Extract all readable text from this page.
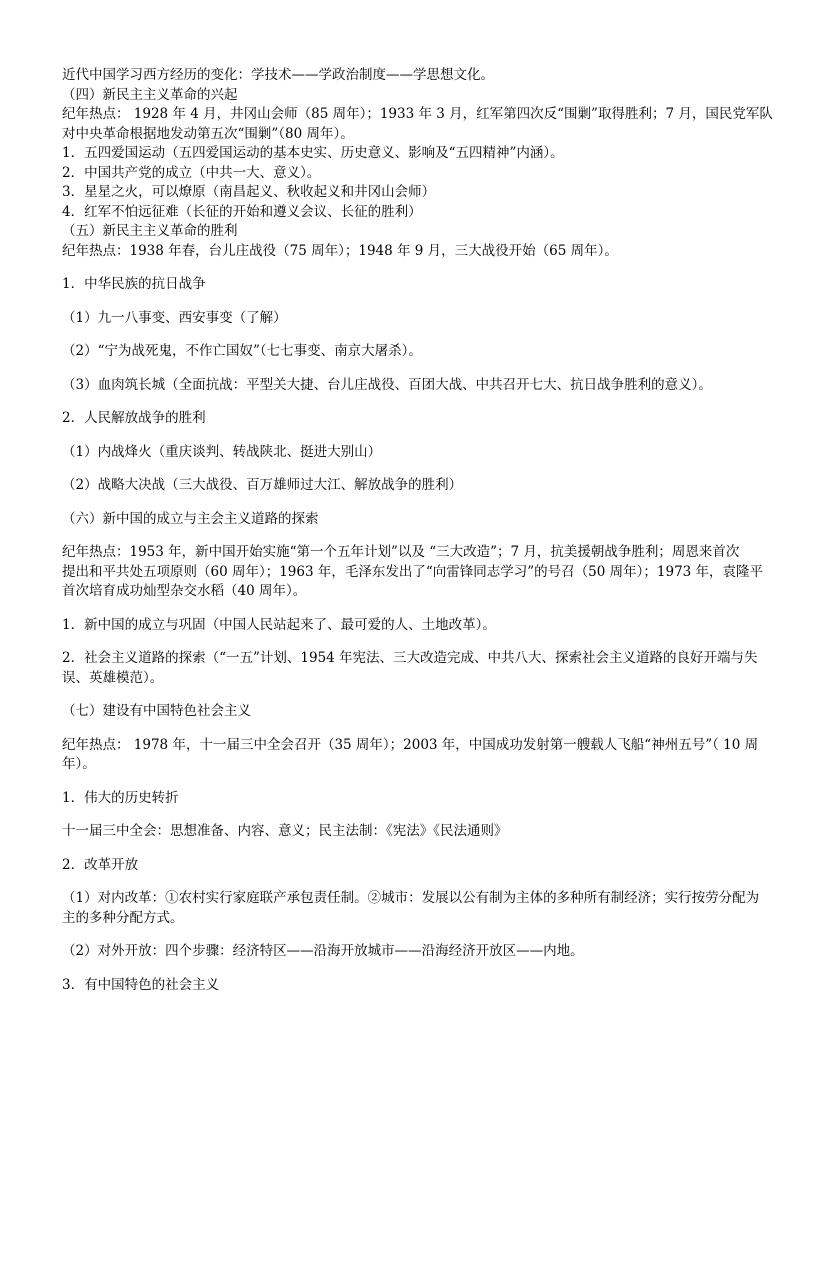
近代中国学习西方经历的变化：学技术——学政治制度——学思想文化。
（四）新民主主义革命的兴起
纪年热点： 1928 年 4 月，井冈山会师（85 周年）；1933 年 3 月，红军第四次反“围剿”取得胜利；7 月，国民党军队
对中央革命根据地发动第五次“围剿”（80 周年）。
1．五四爱国运动（五四爱国运动的基本史实、历史意义、影响及“五四精神”内涵）。
2．中国共产党的成立（中共一大、意义）。
3．星星之火，可以燎原（南昌起义、秋收起义和井冈山会师）
4．红军不怕远征难（长征的开始和遵义会议、长征的胜利）
（五）新民主主义革命的胜利
纪年热点：1938 年春，台儿庄战役（75 周年）；1948 年 9 月，三大战役开始（65 周年）。
1．中华民族的抗日战争
（1）九一八事变、西安事变（了解）
（2）“宁为战死鬼，不作亡国奴”（七七事变、南京大屠杀）。
（3）血肉筑长城（全面抗战：平型关大捷、台儿庄战役、百团大战、中共召开七大、抗日战争胜利的意义）。
2．人民解放战争的胜利
（1）内战烽火（重庆谈判、转战陕北、挺进大别山）
（2）战略大决战（三大战役、百万雄师过大江、解放战争的胜利）
（六）新中国的成立与主会主义道路的探索
纪年热点：1953 年，新中国开始实施“第一个五年计划”以及 “三大改造”；7 月，抗美援朝战争胜利；周恩来首次
提出和平共处五项原则（60 周年）；1963 年，毛泽东发出了“向雷锋同志学习”的号召（50 周年）；1973 年，袁隆平
首次培育成功灿型杂交水稻（40 周年）。
1．新中国的成立与巩固（中国人民站起来了、最可爱的人、土地改革）。
2．社会主义道路的探索（“一五”计划、1954 年宪法、三大改造完成、中共八大、探索社会主义道路的良好开端与失
误、英雄模范）。
（七）建设有中国特色社会主义
纪年热点： 1978 年，十一届三中全会召开（35 周年）；2003 年，中国成功发射第一艘载人飞船“神州五号”（ 10 周
年）。
1．伟大的历史转折
十一届三中全会：思想准备、内容、意义；民主法制：《宪法》《民法通则》
2．改革开放
（1）对内改革：①农村实行家庭联产承包责任制。②城市：发展以公有制为主体的多种所有制经济；实行按劳分配为
主的多种分配方式。
（2）对外开放：四个步骤：经济特区——沿海开放城市——沿海经济开放区——内地。
3．有中国特色的社会主义
